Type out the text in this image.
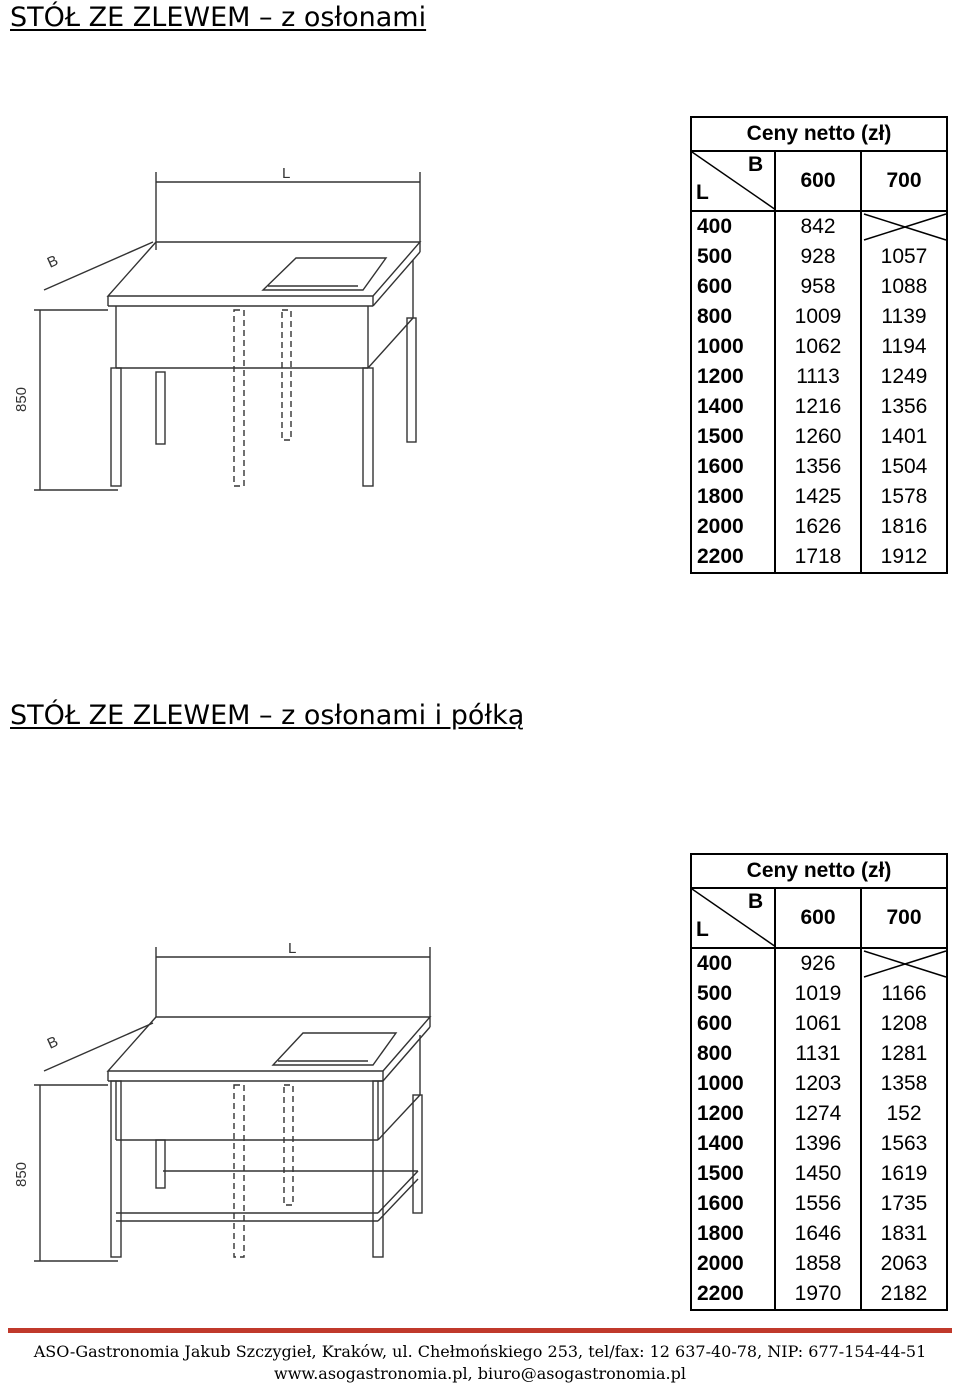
STÓŁ ZE ZLEWEM – z osłonami
L
B
850
Ceny netto (zł)		

B
L	600	700
400	842	

500	928	1057
600	958	1088
800	1009	1139
1000	1062	1194
1200	1113	1249
1400	1216	1356
1500	1260	1401
1600	1356	1504
1800	1425	1578
2000	1626	1816
2200	1718	1912
STÓŁ ZE ZLEWEM – z osłonami i półką
L
B
850
Ceny netto (zł)		

B
L	600	700
400	926	

500	1019	1166
600	1061	1208
800	1131	1281
1000	1203	1358
1200	1274	152
1400	1396	1563
1500	1450	1619
1600	1556	1735
1800	1646	1831
2000	1858	2063
2200	1970	2182
ASO-Gastronomia Jakub Szczygieł, Kraków, ul. Chełmońskiego 253, tel/fax: 12 637-40-78, NIP: 677-154-44-51
www.asogastronomia.pl, biuro@asogastronomia.pl
